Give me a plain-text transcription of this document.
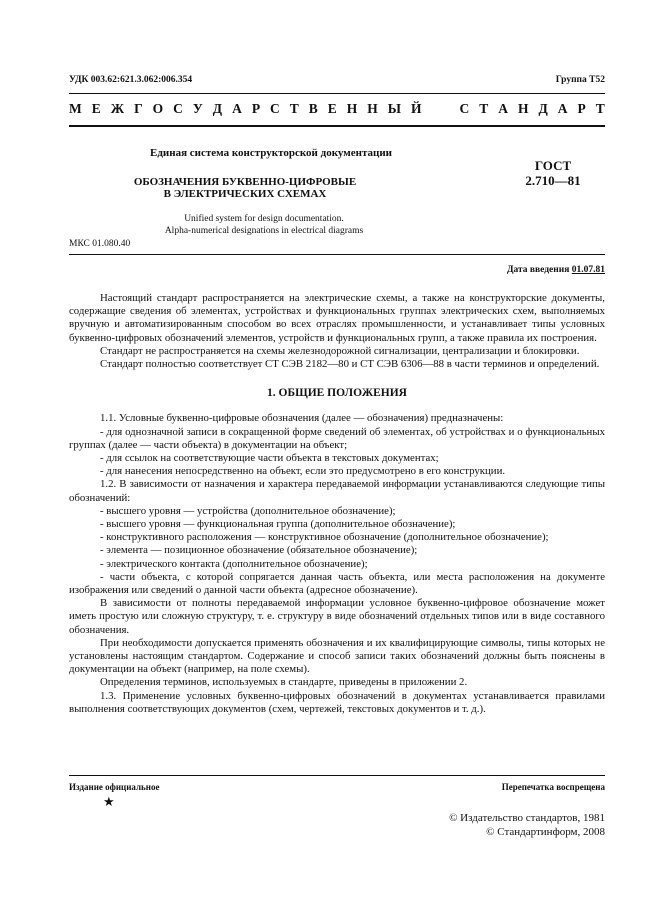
УДК 003.62:621.3.062:006.354	Группа Т52
М Е Ж Г О С У Д А Р С Т В Е Н Н Ы Й	С Т А Н Д А Р Т
Единая система конструкторской документации
ОБОЗНАЧЕНИЯ БУКВЕННО-ЦИФРОВЫЕ
В ЭЛЕКТРИЧЕСКИХ СХЕМАХ
ГОСТ
2.710—81
Unified system for design documentation.
Alpha-numerical designations in electrical diagrams
МКС 01.080.40
Дата введения 01.07.81

Настоящий стандарт распространяется на электрические схемы, а также на конструкторские документы, содержащие сведения об элементах, устройствах и функциональных группах электрических схем, выполняемых вручную и автоматизированным способом во всех отраслях промышленности, и устанавливает типы условных буквенно-цифровых обозначений элементов, устройств и функциональных групп, а также правила их построения.

Стандарт не распространяется на схемы железнодорожной сигнализации, централизации и блокировки.

Стандарт полностью соответствует СТ СЭВ 2182—80 и СТ СЭВ 6306—88 в части терминов и определений.

1. ОБЩИЕ ПОЛОЖЕНИЯ

1.1. Условные буквенно-цифровые обозначения (далее — обозначения) предназначены:

- для однозначной записи в сокращенной форме сведений об элементах, об устройствах и о функциональных группах (далее — части объекта) в документации на объект;

- для ссылок на соответствующие части объекта в текстовых документах;

- для нанесения непосредственно на объект, если это предусмотрено в его конструкции.

1.2. В зависимости от назначения и характера передаваемой информации устанавливаются следующие типы обозначений:

- высшего уровня — устройства (дополнительное обозначение);

- высшего уровня — функциональная группа (дополнительное обозначение);

- конструктивного расположения — конструктивное обозначение (дополнительное обозначение);

- элемента — позиционное обозначение (обязательное обозначение);

- электрического контакта (дополнительное обозначение);

- части объекта, с которой сопрягается данная часть объекта, или места расположения на документе изображения или сведений о данной части объекта (адресное обозначение).

В зависимости от полноты передаваемой информации условное буквенно-цифровое обозначение может иметь простую или сложную структуру, т. е. структуру в виде обозначений отдельных типов или в виде составного обозначения.

При необходимости допускается применять обозначения и их квалифицирующие символы, типы которых не установлены настоящим стандартом. Содержание и способ записи таких обозначений должны быть пояснены в документации на объект (например, на поле схемы).

Определения терминов, используемых в стандарте, приведены в приложении 2.

1.3. Применение условных буквенно-цифровых обозначений в документах устанавливается правилами выполнения соответствующих документов (схем, чертежей, текстовых документов и т. д.).

Издание официальное	Перепечатка воспрещена
★
© Издательство стандартов, 1981
© Стандартинформ, 2008
